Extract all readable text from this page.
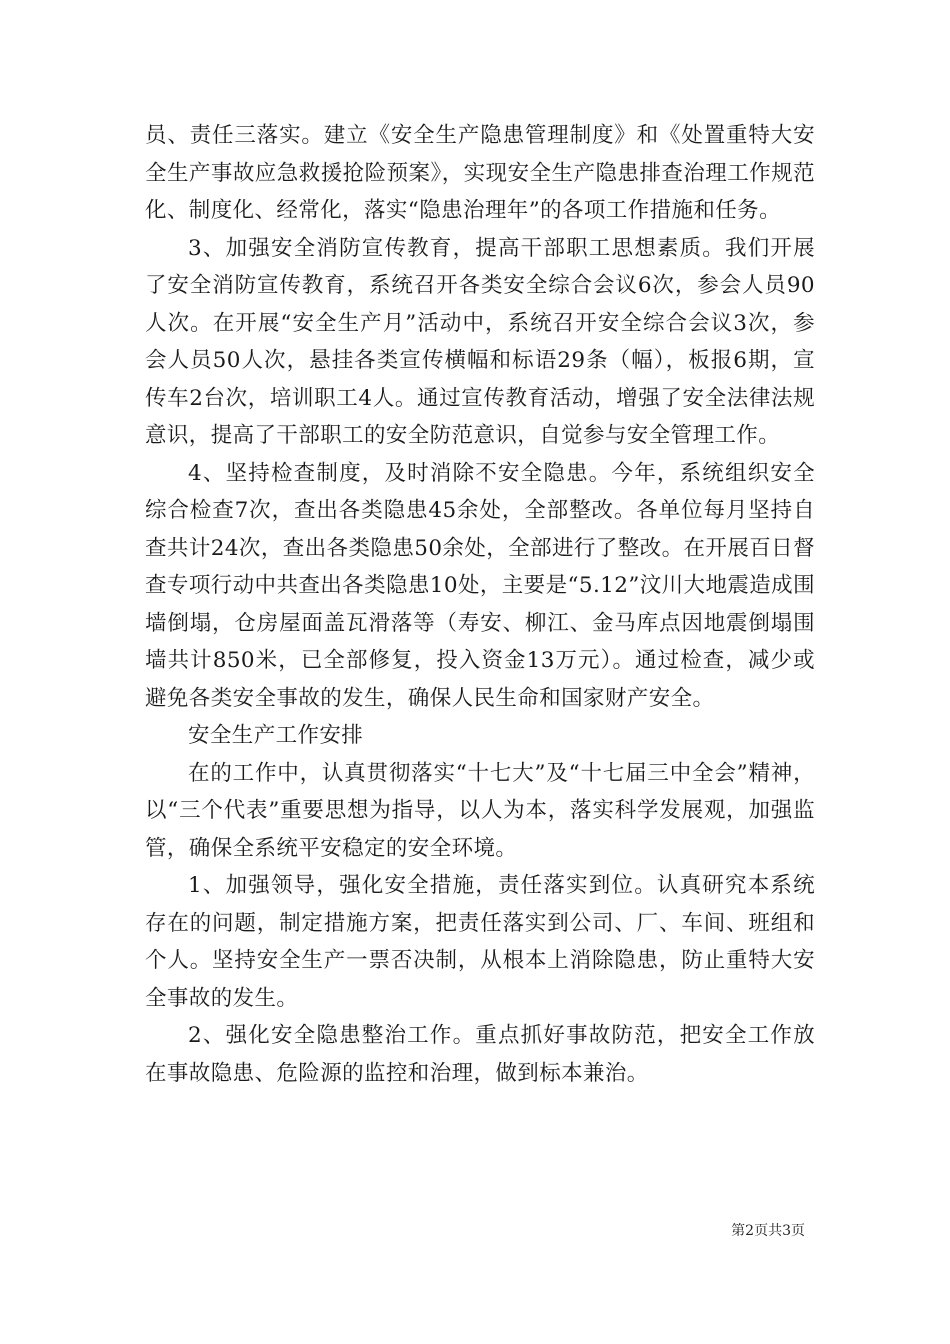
员、责任三落实。建立《安全生产隐患管理制度》和《处置重特大安全生产事故应急救援抢险预案》，实现安全生产隐患排查治理工作规范化、制度化、经常化，落实“隐患治理年”的各项工作措施和任务。

3、加强安全消防宣传教育，提高干部职工思想素质。我们开展了安全消防宣传教育，系统召开各类安全综合会议6次，参会人员90人次。在开展“安全生产月”活动中，系统召开安全综合会议3次，参会人员50人次，悬挂各类宣传横幅和标语29条（幅），板报6期，宣传车2台次，培训职工4人。通过宣传教育活动，增强了安全法律法规意识，提高了干部职工的安全防范意识，自觉参与安全管理工作。

4、坚持检查制度，及时消除不安全隐患。今年，系统组织安全综合检查7次，查出各类隐患45余处，全部整改。各单位每月坚持自查共计24次，查出各类隐患50余处，全部进行了整改。在开展百日督查专项行动中共查出各类隐患10处，主要是“5.12”汶川大地震造成围墙倒塌，仓房屋面盖瓦滑落等（寿安、柳江、金马库点因地震倒塌围墙共计850米，已全部修复，投入资金13万元）。通过检查，减少或避免各类安全事故的发生，确保人民生命和国家财产安全。

安全生产工作安排

在的工作中，认真贯彻落实“十七大”及“十七届三中全会”精神，以“三个代表”重要思想为指导，以人为本，落实科学发展观，加强监管，确保全系统平安稳定的安全环境。

1、加强领导，强化安全措施，责任落实到位。认真研究本系统存在的问题，制定措施方案，把责任落实到公司、厂、车间、班组和个人。坚持安全生产一票否决制，从根本上消除隐患，防止重特大安全事故的发生。

2、强化安全隐患整治工作。重点抓好事故防范，把安全工作放在事故隐患、危险源的监控和治理，做到标本兼治。

第2页共3页
